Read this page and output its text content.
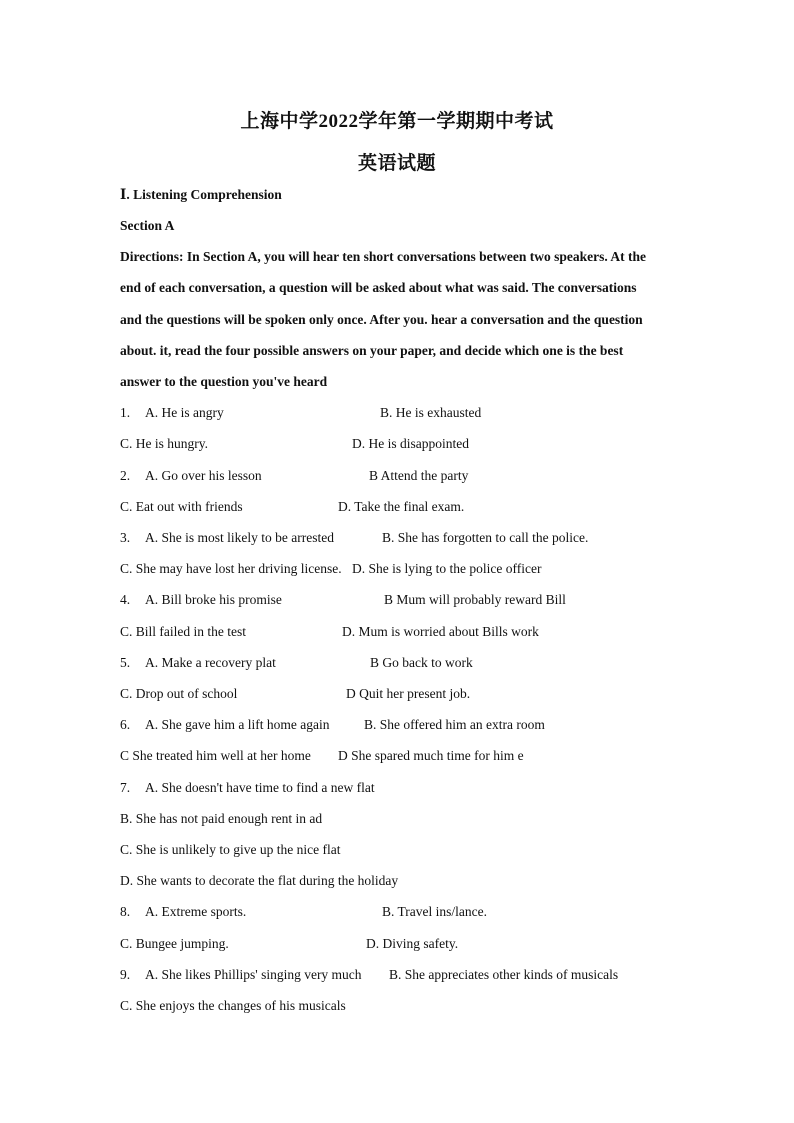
上海中学2022学年第一学期期中考试
英语试题
Ⅰ. Listening Comprehension
Section A
Directions: In Section A, you will hear ten short conversations between two speakers. At the
end of each conversation, a question will be asked about what was said. The conversations
and the questions will be spoken only once. After you. hear a conversation and the question
about. it, read the four possible answers on your paper, and decide which one is the best
answer to the question you've heard
1. A. He is angry	B. He is exhausted
C. He is hungry.	D. He is disappointed
2. A. Go over his lesson	B Attend the party
C. Eat out with friends	D. Take the final exam.
3. A. She is most likely to be arrested	B. She has forgotten to call the police.
C. She may have lost her driving license. D. She is lying to the police officer
4. A. Bill broke his promise	B Mum will probably reward Bill
C. Bill failed in the test	D. Mum is worried about Bills work
5. A. Make a recovery plat	B Go back to work
C. Drop out of school	D Quit her present job.
6. A. She gave him a lift home again	B. She offered him an extra room
C She treated him well at her home D She spared much time for him e
7. A. She doesn't have time to find a new flat
B. She has not paid enough rent in ad
C. She is unlikely to give up the nice flat
D. She wants to decorate the flat during the holiday
8. A. Extreme sports.	B. Travel ins/lance.
C. Bungee jumping.	D. Diving safety.
9. A. She likes Phillips' singing very much B. She appreciates other kinds of musicals
C. She enjoys the changes of his musicals
